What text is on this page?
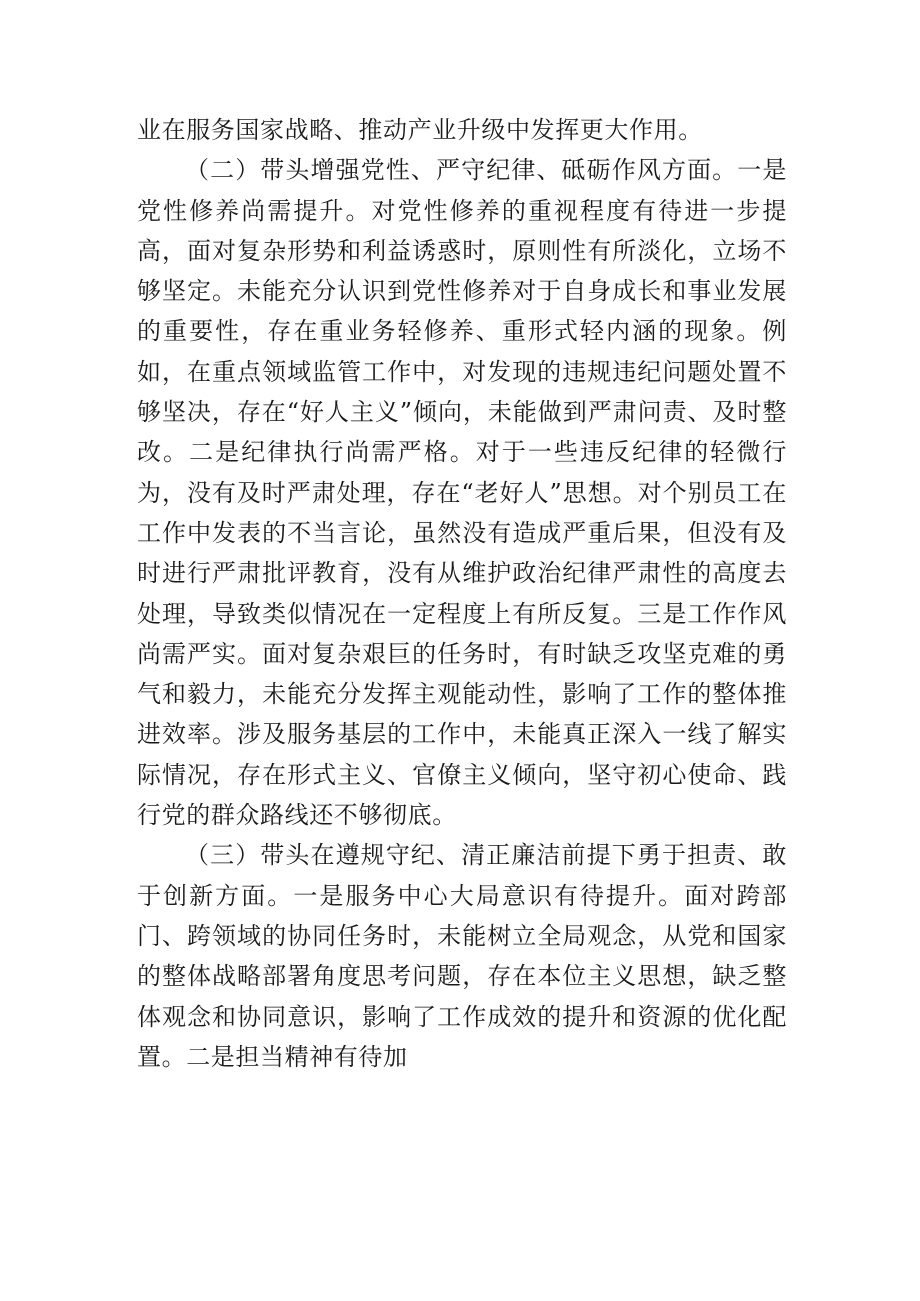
业在服务国家战略、推动产业升级中发挥更大作用。

（二）带头增强党性、严守纪律、砥砺作风方面。一是党性修养尚需提升。对党性修养的重视程度有待进一步提高，面对复杂形势和利益诱惑时，原则性有所淡化，立场不够坚定。未能充分认识到党性修养对于自身成长和事业发展的重要性，存在重业务轻修养、重形式轻内涵的现象。例如，在重点领域监管工作中，对发现的违规违纪问题处置不够坚决，存在“好人主义”倾向，未能做到严肃问责、及时整改。二是纪律执行尚需严格。对于一些违反纪律的轻微行为，没有及时严肃处理，存在“老好人”思想。对个别员工在工作中发表的不当言论，虽然没有造成严重后果，但没有及时进行严肃批评教育，没有从维护政治纪律严肃性的高度去处理，导致类似情况在一定程度上有所反复。三是工作作风尚需严实。面对复杂艰巨的任务时，有时缺乏攻坚克难的勇气和毅力，未能充分发挥主观能动性，影响了工作的整体推进效率。涉及服务基层的工作中，未能真正深入一线了解实际情况，存在形式主义、官僚主义倾向，坚守初心使命、践行党的群众路线还不够彻底。

（三）带头在遵规守纪、清正廉洁前提下勇于担责、敢于创新方面。一是服务中心大局意识有待提升。面对跨部门、跨领域的协同任务时，未能树立全局观念，从党和国家的整体战略部署角度思考问题，存在本位主义思想，缺乏整体观念和协同意识，影响了工作成效的提升和资源的优化配置。二是担当精神有待加
